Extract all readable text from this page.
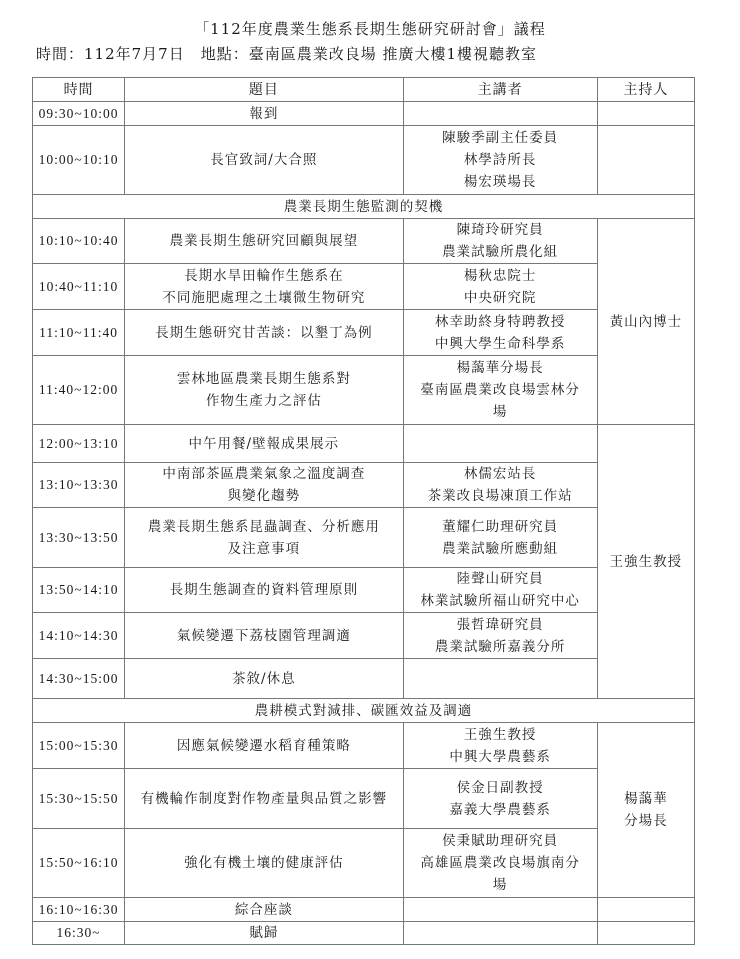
「112年度農業生態系長期生態研究研討會」議程
時間：112年7月7日　地點：臺南區農業改良場 推廣大樓1樓視聽教室
時間	題目	主講者	主持人
09:30~10:00	報到		

10:00~10:10	長官致詞/大合照	陳駿季副主任委員
林學詩所長
楊宏瑛場長	

農業長期生態監測的契機			
10:10~10:40	農業長期生態研究回顧與展望	陳琦玲研究員
農業試驗所農化組	黃山內博士

10:40~11:10	長期水旱田輪作生態系在
不同施肥處理之土壤微生物研究	楊秋忠院士
中央研究院	

11:10~11:40	長期生態研究甘苦談：以墾丁為例	林幸助終身特聘教授
中興大學生命科學系	

11:40~12:00	雲林地區農業長期生態系對
作物生產力之評估	楊藹華分場長
臺南區農業改良場雲林分
場	

12:00~13:10	中午用餐/壁報成果展示		王強生教授

13:10~13:30	中南部茶區農業氣象之溫度調查
與變化趨勢	林儒宏站長
茶業改良場凍頂工作站	

13:30~13:50	農業長期生態系昆蟲調查、分析應用
及注意事項	董耀仁助理研究員
農業試驗所應動組	

13:50~14:10	長期生態調查的資料管理原則	陸聲山研究員
林業試驗所福山研究中心	

14:10~14:30	氣候變遷下荔枝園管理調適	張哲瑋研究員
農業試驗所嘉義分所	

14:30~15:00	茶敘/休息		

農耕模式對減排、碳匯效益及調適			
15:00~15:30	因應氣候變遷水稻育種策略	王強生教授
中興大學農藝系	楊藹華
分場長

15:30~15:50	有機輪作制度對作物產量與品質之影響	侯金日副教授
嘉義大學農藝系	

15:50~16:10	強化有機土壤的健康評估	侯秉賦助理研究員
高雄區農業改良場旗南分
場	

16:10~16:30	綜合座談		

16:30~	賦歸		
